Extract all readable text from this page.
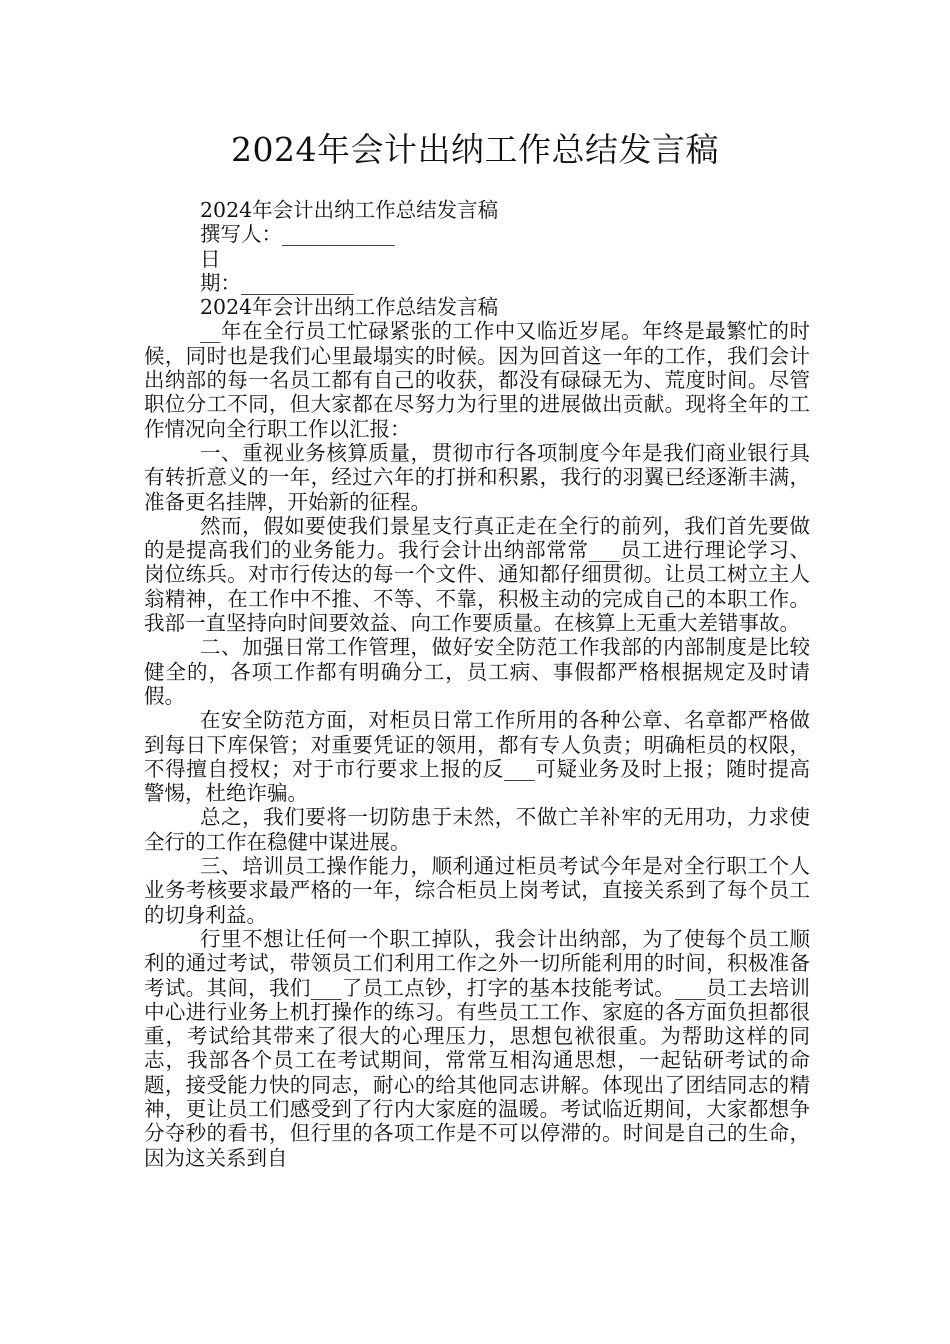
2024年会计出纳工作总结发言稿

2024年会计出纳工作总结发言稿

撰写人：___________

日

期：___________

2024年会计出纳工作总结发言稿

__年在全行员工忙碌紧张的工作中又临近岁尾。年终是最繁忙的时候，同时也是我们心里最塌实的时候。因为回首这一年的工作，我们会计出纳部的每一名员工都有自己的收获，都没有碌碌无为、荒度时间。尽管职位分工不同，但大家都在尽努力为行里的进展做出贡献。现将全年的工作情况向全行职工作以汇报：

一、重视业务核算质量，贯彻市行各项制度今年是我们商业银行具有转折意义的一年，经过六年的打拼和积累，我行的羽翼已经逐渐丰满，准备更名挂牌，开始新的征程。

然而，假如要使我们景星支行真正走在全行的前列，我们首先要做的是提高我们的业务能力。我行会计出纳部常常___员工进行理论学习、岗位练兵。对市行传达的每一个文件、通知都仔细贯彻。让员工树立主人翁精神，在工作中不推、不等、不靠，积极主动的完成自己的本职工作。我部一直坚持向时间要效益、向工作要质量。在核算上无重大差错事故。

二、加强日常工作管理，做好安全防范工作我部的内部制度是比较健全的，各项工作都有明确分工，员工病、事假都严格根据规定及时请假。

在安全防范方面，对柜员日常工作所用的各种公章、名章都严格做到每日下库保管；对重要凭证的领用，都有专人负责；明确柜员的权限，不得擅自授权；对于市行要求上报的反___可疑业务及时上报；随时提高警惕，杜绝诈骗。

总之，我们要将一切防患于未然，不做亡羊补牢的无用功，力求使全行的工作在稳健中谋进展。

三、培训员工操作能力，顺利通过柜员考试今年是对全行职工个人业务考核要求最严格的一年，综合柜员上岗考试，直接关系到了每个员工的切身利益。

行里不想让任何一个职工掉队，我会计出纳部，为了使每个员工顺利的通过考试，带领员工们利用工作之外一切所能利用的时间，积极准备考试。其间，我们___了员工点钞，打字的基本技能考试。___员工去培训中心进行业务上机打操作的练习。有些员工工作、家庭的各方面负担都很重，考试给其带来了很大的心理压力，思想包袱很重。为帮助这样的同志，我部各个员工在考试期间，常常互相沟通思想，一起钻研考试的命题，接受能力快的同志，耐心的给其他同志讲解。体现出了团结同志的精神，更让员工们感受到了行内大家庭的温暖。考试临近期间，大家都想争分夺秒的看书，但行里的各项工作是不可以停滞的。时间是自己的生命，因为这关系到自
